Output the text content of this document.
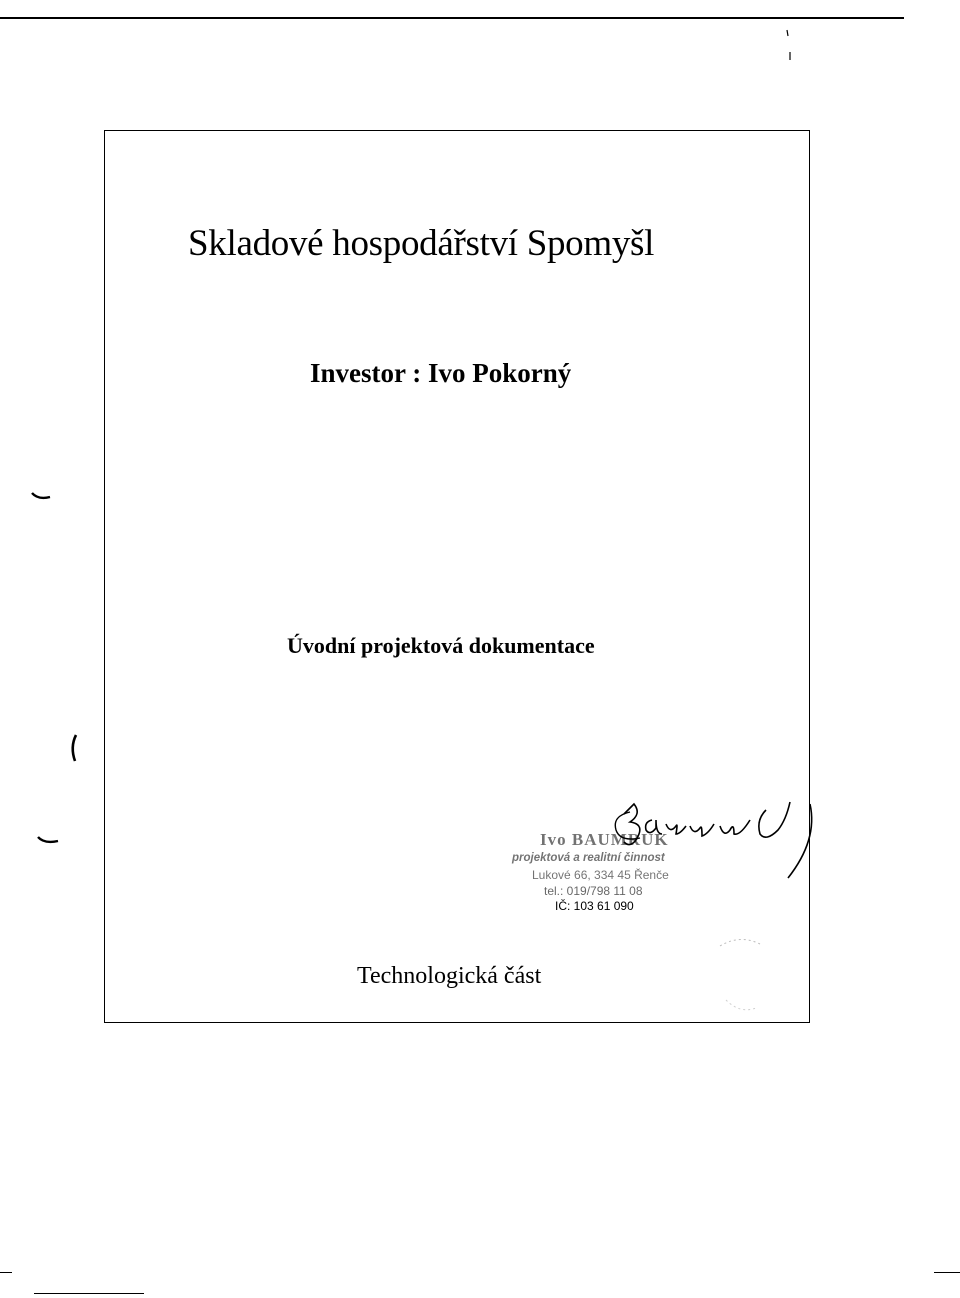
Skladové hospodářství Spomyšl
Investor : Ivo Pokorný
Úvodní projektová dokumentace
Ivo BAUMRUK
projektová a realitní činnost
Lukové 66, 334 45 Řenče
tel.: 019/798 11 08
IČ: 103 61 090
Technologická část
